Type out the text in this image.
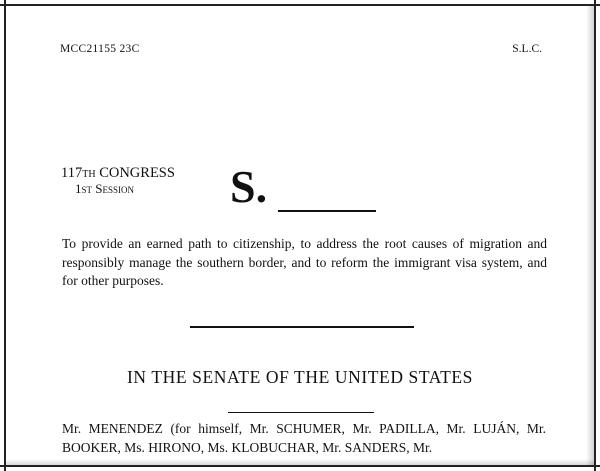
MCC21155 23C	S.L.C.
117th CONGRESS
1st Session	S.
To provide an earned path to citizenship, to address the root causes of migration and responsibly manage the southern border, and to reform the immigrant visa system, and for other purposes.
IN THE SENATE OF THE UNITED STATES
Mr. MENENDEZ (for himself, Mr. SCHUMER, Mr. PADILLA, Mr. LUJÁN, Mr. BOOKER, Ms. HIRONO, Ms. KLOBUCHAR, Mr. SANDERS, Mr.
